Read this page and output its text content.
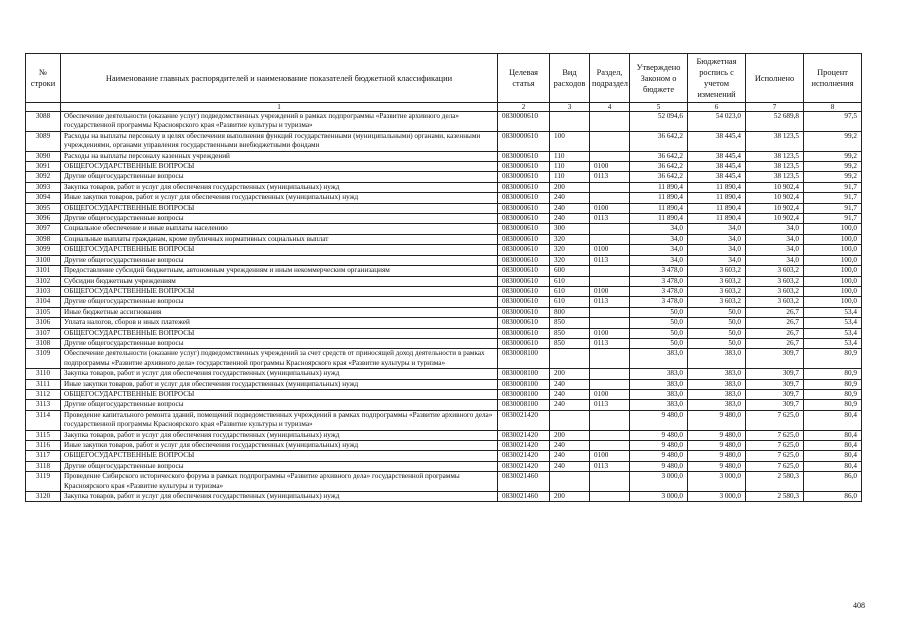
№ строки	Наименование главных распорядителей и наименование показателей бюджетной классификации	Целевая статья	Вид расходов	Раздел, подраздел	Утверждено Законом о бюджете	Бюджетная роспись с учетом изменений	Исполнено	Процент исполнения
	1	2	3	4	5	6	7	8
3088	Обеспечение деятельности (оказание услуг) подведомственных учреждений в рамках подпрограммы «Развитие архивного дела» государственной программы Красноярского края «Развитие культуры и туризма»	0830000610			52 094,6	54 023,0	52 689,8	97,5
3089	Расходы на выплаты персоналу в целях обеспечения выполнения функций государственными (муниципальными) органами, казенными учреждениями, органами управления государственными внебюджетными фондами	0830000610	100		36 642,2	38 445,4	38 123,5	99,2
3090	Расходы на выплаты персоналу казенных учреждений	0830000610	110		36 642,2	38 445,4	38 123,5	99,2
3091	ОБЩЕГОСУДАРСТВЕННЫЕ ВОПРОСЫ	0830000610	110	0100	36 642,2	38 445,4	38 123,5	99,2
3092	Другие общегосударственные вопросы	0830000610	110	0113	36 642,2	38 445,4	38 123,5	99,2
3093	Закупка товаров, работ и услуг для обеспечения государственных (муниципальных) нужд	0830000610	200		11 890,4	11 890,4	10 902,4	91,7
3094	Иные закупки товаров, работ и услуг для обеспечения государственных (муниципальных) нужд	0830000610	240		11 890,4	11 890,4	10 902,4	91,7
3095	ОБЩЕГОСУДАРСТВЕННЫЕ ВОПРОСЫ	0830000610	240	0100	11 890,4	11 890,4	10 902,4	91,7
3096	Другие общегосударственные вопросы	0830000610	240	0113	11 890,4	11 890,4	10 902,4	91,7
3097	Социальное обеспечение и иные выплаты населению	0830000610	300		34,0	34,0	34,0	100,0
3098	Социальные выплаты гражданам, кроме публичных нормативных социальных выплат	0830000610	320		34,0	34,0	34,0	100,0
3099	ОБЩЕГОСУДАРСТВЕННЫЕ ВОПРОСЫ	0830000610	320	0100	34,0	34,0	34,0	100,0
3100	Другие общегосударственные вопросы	0830000610	320	0113	34,0	34,0	34,0	100,0
3101	Предоставление субсидий бюджетным, автономным учреждениям и иным некоммерческим организациям	0830000610	600		3 478,0	3 603,2	3 603,2	100,0
3102	Субсидии бюджетным учреждениям	0830000610	610		3 478,0	3 603,2	3 603,2	100,0
3103	ОБЩЕГОСУДАРСТВЕННЫЕ ВОПРОСЫ	0830000610	610	0100	3 478,0	3 603,2	3 603,2	100,0
3104	Другие общегосударственные вопросы	0830000610	610	0113	3 478,0	3 603,2	3 603,2	100,0
3105	Иные бюджетные ассигнования	0830000610	800		50,0	50,0	26,7	53,4
3106	Уплата налогов, сборов и иных платежей	0830000610	850		50,0	50,0	26,7	53,4
3107	ОБЩЕГОСУДАРСТВЕННЫЕ ВОПРОСЫ	0830000610	850	0100	50,0	50,0	26,7	53,4
3108	Другие общегосударственные вопросы	0830000610	850	0113	50,0	50,0	26,7	53,4
3109	Обеспечение деятельности (оказание услуг) подведомственных учреждений за счет средств от приносящей доход деятельности в рамках подпрограммы «Развитие архивного дела» государственной программы Красноярского края «Развитие культуры и туризма»	0830008100			383,0	383,0	309,7	80,9
3110	Закупка товаров, работ и услуг для обеспечения государственных (муниципальных) нужд	0830008100	200		383,0	383,0	309,7	80,9
3111	Иные закупки товаров, работ и услуг для обеспечения государственных (муниципальных) нужд	0830008100	240		383,0	383,0	309,7	80,9
3112	ОБЩЕГОСУДАРСТВЕННЫЕ ВОПРОСЫ	0830008100	240	0100	383,0	383,0	309,7	80,9
3113	Другие общегосударственные вопросы	0830008100	240	0113	383,0	383,0	309,7	80,9
3114	Проведение капитального ремонта зданий, помещений подведомственных учреждений в рамках подпрограммы «Развитие архивного дела» государственной программы Красноярского края «Развитие культуры и туризма»	0830021420			9 480,0	9 480,0	7 625,0	80,4
3115	Закупка товаров, работ и услуг для обеспечения государственных (муниципальных) нужд	0830021420	200		9 480,0	9 480,0	7 625,0	80,4
3116	Иные закупки товаров, работ и услуг для обеспечения государственных (муниципальных) нужд	0830021420	240		9 480,0	9 480,0	7 625,0	80,4
3117	ОБЩЕГОСУДАРСТВЕННЫЕ ВОПРОСЫ	0830021420	240	0100	9 480,0	9 480,0	7 625,0	80,4
3118	Другие общегосударственные вопросы	0830021420	240	0113	9 480,0	9 480,0	7 625,0	80,4
3119	Проведение Сибирского исторического форума в рамках подпрограммы «Развитие архивного дела» государственной программы Красноярского края «Развитие культуры и туризма»	0830021460			3 000,0	3 000,0	2 580,3	86,0
3120	Закупка товаров, работ и услуг для обеспечения государственных (муниципальных) нужд	0830021460	200		3 000,0	3 000,0	2 580,3	86,0
408
